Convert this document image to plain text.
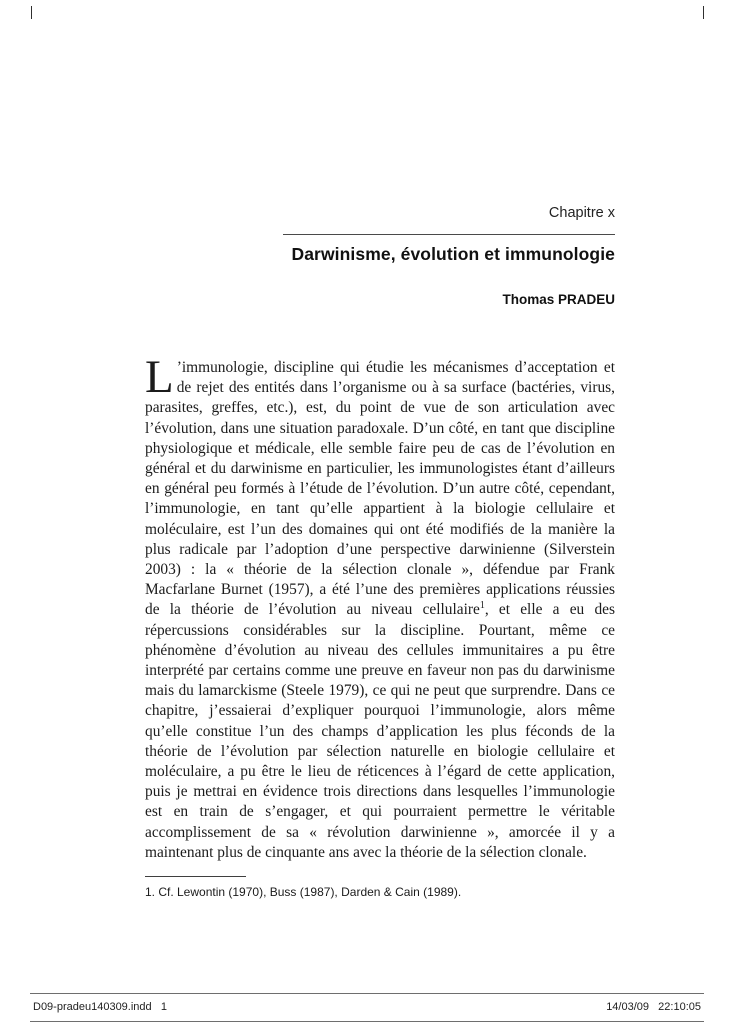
Chapitre x
Darwinisme, évolution et immunologie
Thomas PRADEU

L ’immunologie, discipline qui étudie les mécanismes d’acceptation et de rejet des entités dans l’organisme ou à sa surface (bactéries, virus, parasites, greffes, etc.), est, du point de vue de son articulation avec l’évolution, dans une situation paradoxale. D’un côté, en tant que discipline physiologique et médicale, elle semble faire peu de cas de l’évolution en général et du darwinisme en particulier, les immunologistes étant d’ailleurs en général peu formés à l’étude de l’évolution. D’un autre côté, cependant, l’immunologie, en tant qu’elle appartient à la biologie cellulaire et moléculaire, est l’un des domaines qui ont été modifiés de la manière la plus radicale par l’adoption d’une perspective darwinienne (Silverstein 2003) : la « théorie de la sélection clonale », défendue par Frank Macfarlane Burnet (1957), a été l’une des premières applications réussies de la théorie de l’évolution au niveau cellulaire$^1$, et elle a eu des répercussions considérables sur la discipline. Pourtant, même ce phénomène d’évolution au niveau des cellules immunitaires a pu être interprété par certains comme une preuve en faveur non pas du darwinisme mais du lamarckisme (Steele 1979), ce qui ne peut que surprendre. Dans ce chapitre, j’essaierai d’expliquer pourquoi l’immunologie, alors même qu’elle constitue l’un des champs d’application les plus féconds de la théorie de l’évolution par sélection naturelle en biologie cellulaire et moléculaire, a pu être le lieu de réticences à l’égard de cette application, puis je mettrai en évidence trois directions dans lesquelles l’immunologie est en train de s’engager, et qui pourraient permettre le véritable accomplissement de sa « révolution darwinienne », amorcée il y a maintenant plus de cinquante ans avec la théorie de la sélection clonale.

1. Cf. Lewontin (1970), Buss (1987), Darden & Cain (1989).
D09-pradeu140309.indd   1	14/03/09   22:10:05
